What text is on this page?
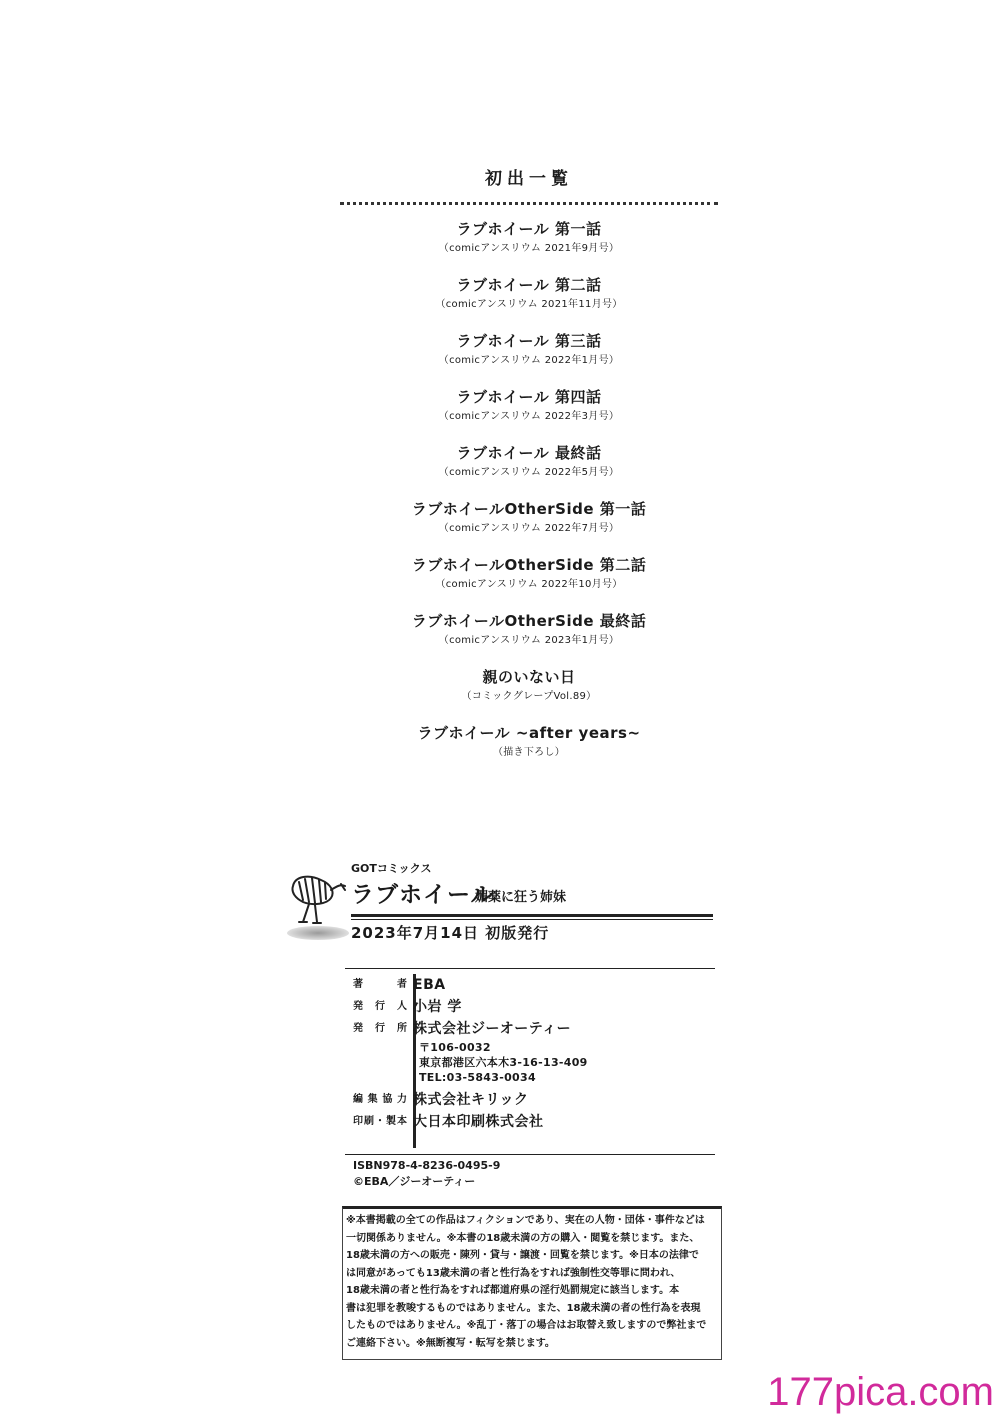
初出一覧
ラブホイール 第一話
（comicアンスリウム 2021年9月号）
ラブホイール 第二話
（comicアンスリウム 2021年11月号）
ラブホイール 第三話
（comicアンスリウム 2022年1月号）
ラブホイール 第四話
（comicアンスリウム 2022年3月号）
ラブホイール 最終話
（comicアンスリウム 2022年5月号）
ラブホイールOtherSide 第一話
（comicアンスリウム 2022年7月号）
ラブホイールOtherSide 第二話
（comicアンスリウム 2022年10月号）
ラブホイールOtherSide 最終話
（comicアンスリウム 2023年1月号）
親のいない日
（コミックグレープVol.89）
ラブホイール ~after years~
（描き下ろし）
GOTコミックス
ラブホイール
媚薬に狂う姉妹
2023年7月14日 初版発行
著者 EBA
発行人 小岩 学
発行所 株式会社ジーオーティー
〒106-0032
東京都港区六本木3-16-13-409
TEL:03-5843-0034
編集協力 株式会社キリック
印刷・製本 大日本印刷株式会社
ISBN978-4-8236-0495-9
©EBA／ジーオーティー
※本書掲載の全ての作品はフィクションであり、実在の人物・団体・事件などは
一切関係ありません。※本書の18歳未満の方の購入・閲覧を禁じます。また、
18歳未満の方への販売・陳列・貸与・譲渡・回覧を禁じます。※日本の法律で
は同意があっても13歳未満の者と性行為をすれば強制性交等罪に問われ、
18歳未満の者と性行為をすれば都道府県の淫行処罰規定に該当します。本
書は犯罪を教唆するものではありません。また、18歳未満の者の性行為を表現
したものではありません。※乱丁・落丁の場合はお取替え致しますので弊社まで
ご連絡下さい。※無断複写・転写を禁じます。
177pica.com
